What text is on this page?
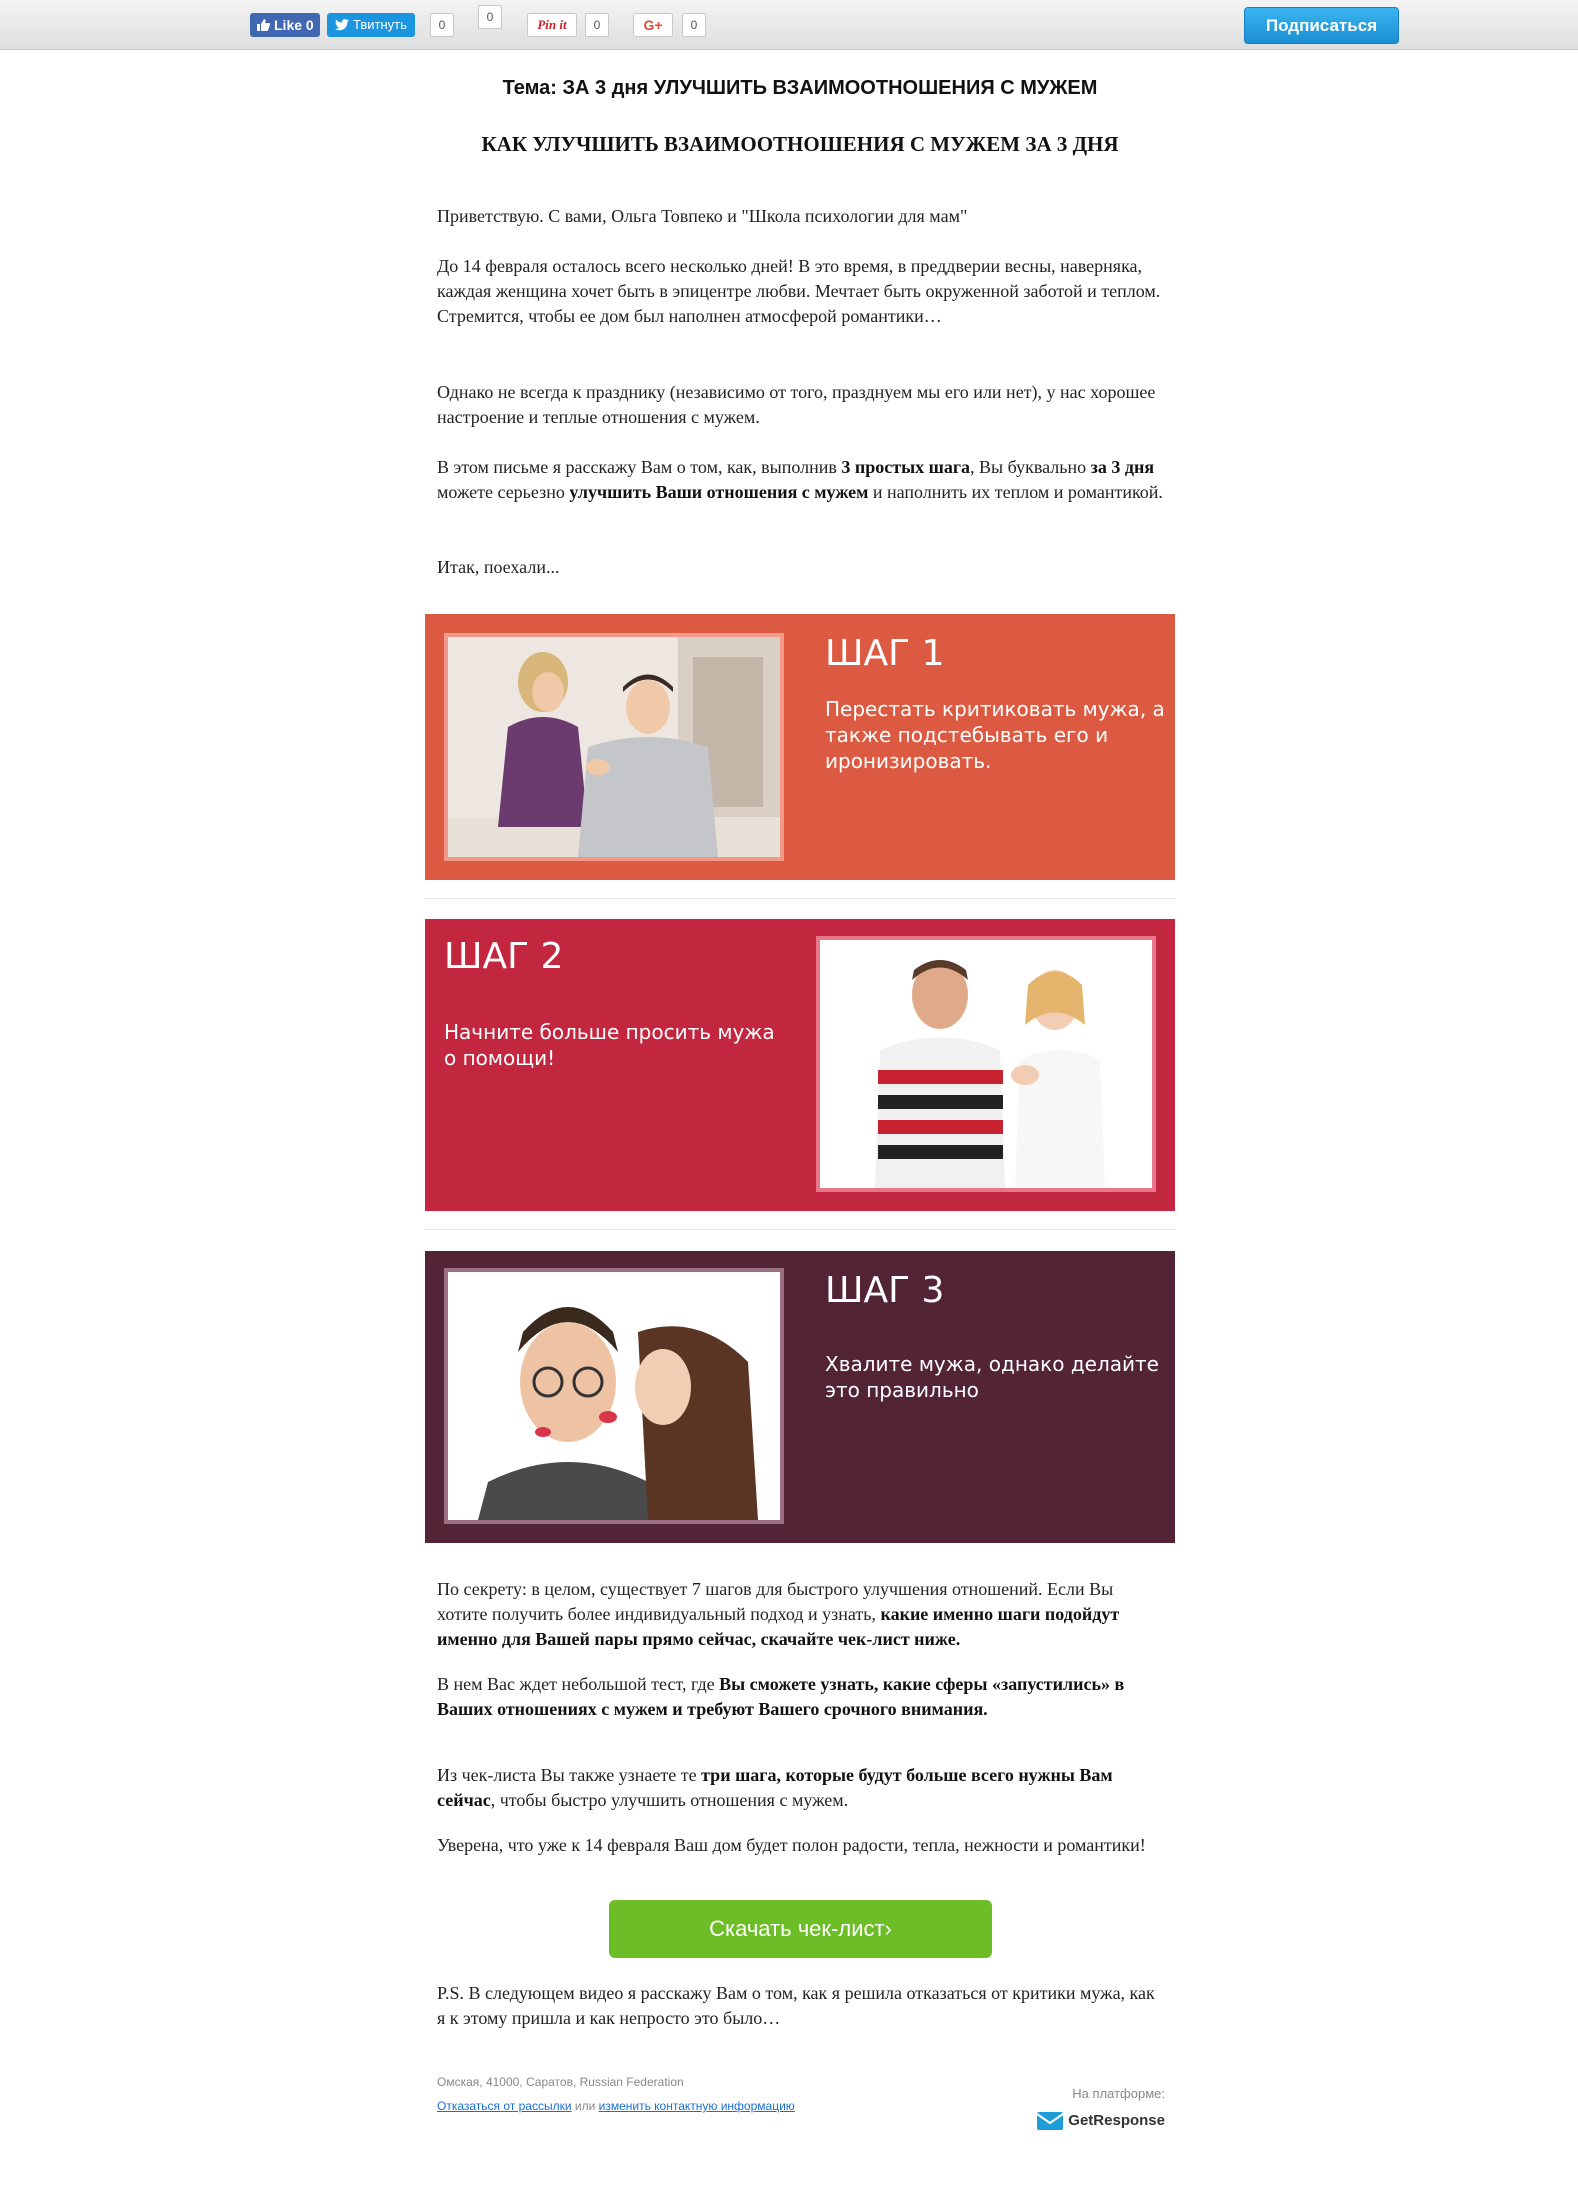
Like 0	Твитнуть	0
0	Pin it	0	G+	0	Подписаться
Тема: ЗА 3 дня УЛУЧШИТЬ ВЗАИМООТНОШЕНИЯ С МУЖЕМ
КАК УЛУЧШИТЬ ВЗАИМООТНОШЕНИЯ С МУЖЕМ ЗА 3 ДНЯ
Приветствую. С вами, Ольга Товпеко и "Школа психологии для мам"
До 14 февраля осталось всего несколько дней! В это время, в преддверии весны, наверняка, каждая женщина хочет быть в эпицентре любви. Мечтает быть окруженной заботой и теплом. Стремится, чтобы ее дом был наполнен атмосферой романтики…
Однако не всегда к празднику (независимо от того, празднуем мы его или нет), у нас хорошее настроение и теплые отношения с мужем.
В этом письме я расскажу Вам о том, как, выполнив 3 простых шага, Вы буквально за 3 дня можете серьезно улучшить Ваши отношения с мужем и наполнить их теплом и романтикой.
Итак, поехали...
ШАГ 1
Перестать критиковать мужа, а также подстебывать его и иронизировать.
ШАГ 2
Начните больше просить мужа о помощи!
ШАГ 3
Хвалите мужа, однако делайте это правильно
По секрету: в целом, существует 7 шагов для быстрого улучшения отношений. Если Вы хотите получить более индивидуальный подход и узнать, какие именно шаги подойдут именно для Вашей пары прямо сейчас, скачайте чек-лист ниже.
В нем Вас ждет небольшой тест, где Вы сможете узнать, какие сферы «запустились» в Ваших отношениях с мужем и требуют Вашего срочного внимания.
Из чек-листа Вы также узнаете те три шага, которые будут больше всего нужны Вам сейчас, чтобы быстро улучшить отношения с мужем.
Уверена, что уже к 14 февраля Ваш дом будет полон радости, тепла, нежности и романтики!
Скачать чек-лист›
P.S. В следующем видео я расскажу Вам о том, как я решила отказаться от критики мужа, как я к этому пришла и как непросто это было…
Омская, 41000, Саратов, Russian Federation
Отказаться от рассылки или изменить контактную информацию
На платформе:
GetResponse
